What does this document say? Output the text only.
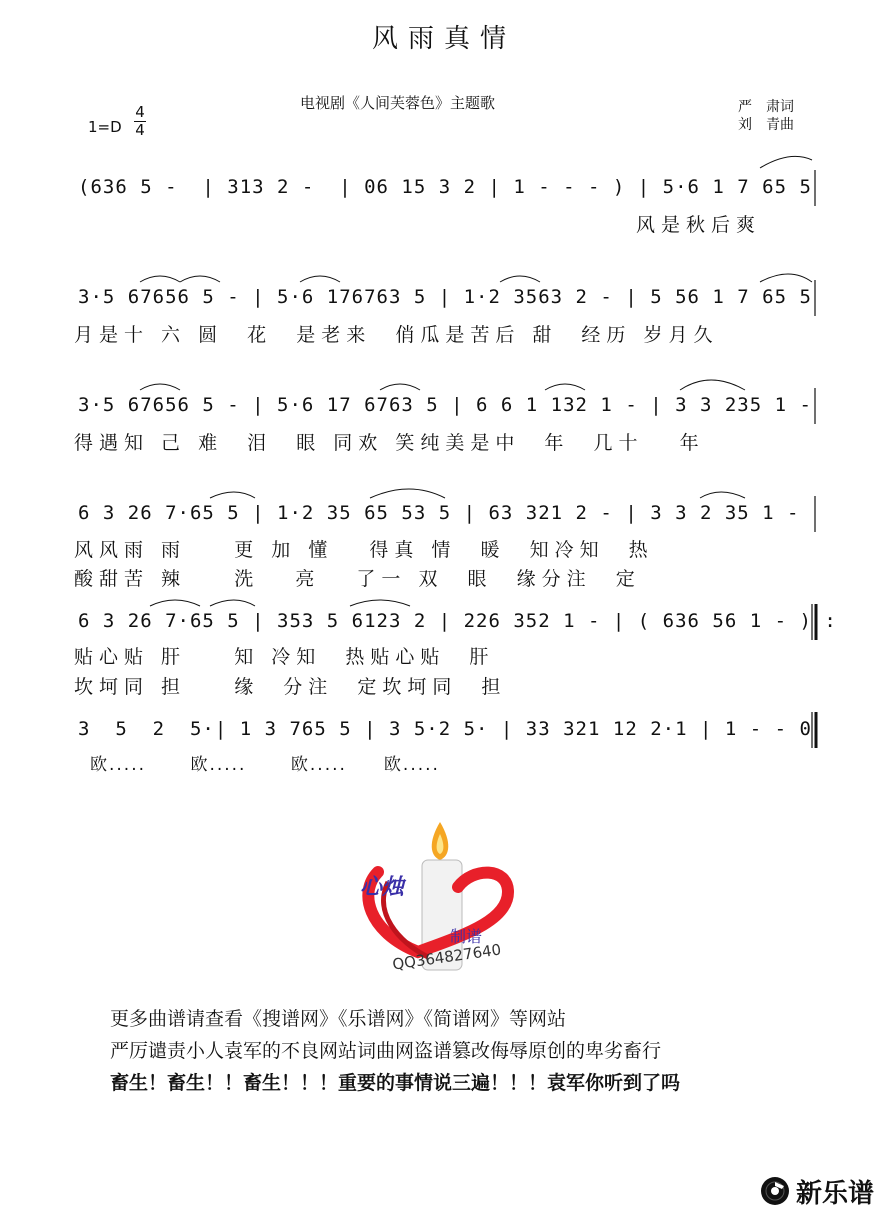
风雨真情
电视剧《人间芙蓉色》主题歌
1=D
4
4
严　肃词
刘　青曲
(636 5 -  | 313 2 -  | 06 15 3 2 | 1 - - - ) | 5·6 1 7 65 5
风是秋后爽
3·5 67656 5 - | 5·6 176763 5 | 1·2 3563 2 - | 5 56 1 7 65 5
月是十 六 圆  花  是老来  俏瓜是苦后 甜  经历 岁月久
3·5 67656 5 - | 5·6 17 6763 5 | 6 6 1 132 1 - | 3 3 235 1 -
得遇知 己 难  泪  眼 同欢 笑纯美是中  年  几十   年
6 3 26 7·65 5 | 1·2 35 65 53 5 | 63 321 2 - | 3 3 2 35 1 -
风风雨 雨    更 加 懂   得真 情  暖  知冷知  热
酸甜苦 辣    洗   亮   了一 双  眼  缘分注  定
6 3 26 7·65 5 | 353 5 6123 2 | 226 352 1 - | ( 636 56 1 - ) :
贴心贴 肝    知 冷知  热贴心贴  肝
坎坷同 担    缘  分注  定坎坷同  担
3  5  2  5·| 1 3 765 5 | 3 5·2 5· | 33 321 12 2·1 | 1 - - 0
欧.....      欧.....      欧.....     欧.....
心烛
制谱
QQ364827640
更多曲谱请查看《搜谱网》《乐谱网》《简谱网》等网站
严厉谴责小人袁军的不良网站词曲网盗谱篡改侮辱原创的卑劣畜行
畜生！畜生！！畜生！！！重要的事情说三遍！！！袁军你听到了吗
新乐谱
